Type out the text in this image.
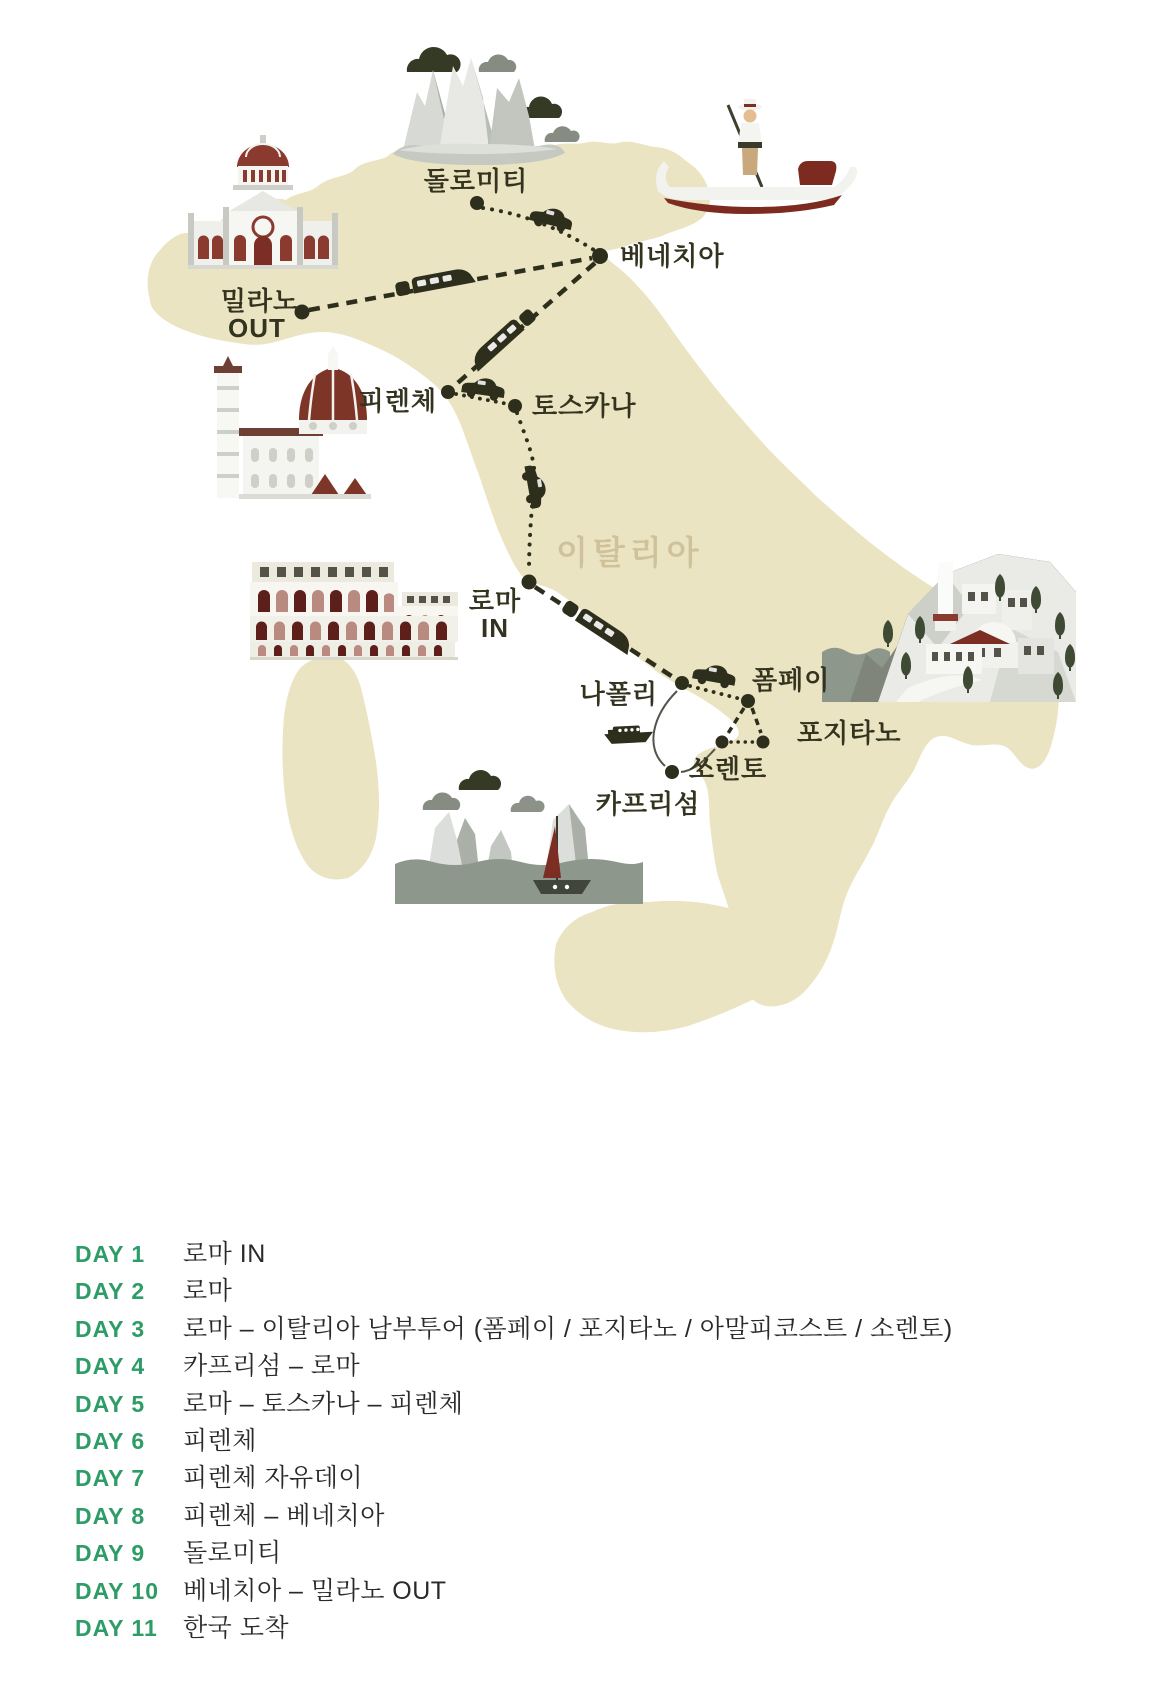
돌로미티
베네치아
밀라노
OUT
피렌체	토스카나
로마
IN
이탈리아
나폴리	폼페이
포지타노
쏘렌토
카프리섬
DAY 1	로마 IN
DAY 2	로마
DAY 3	로마 – 이탈리아 남부투어 (폼페이 / 포지타노 / 아말피코스트 / 소렌토)
DAY 4	카프리섬 – 로마
DAY 5	로마 – 토스카나 – 피렌체
DAY 6	피렌체
DAY 7	피렌체 자유데이
DAY 8	피렌체 – 베네치아
DAY 9	돌로미티
DAY 10 베네치아 – 밀라노 OUT
DAY 11	한국 도착
